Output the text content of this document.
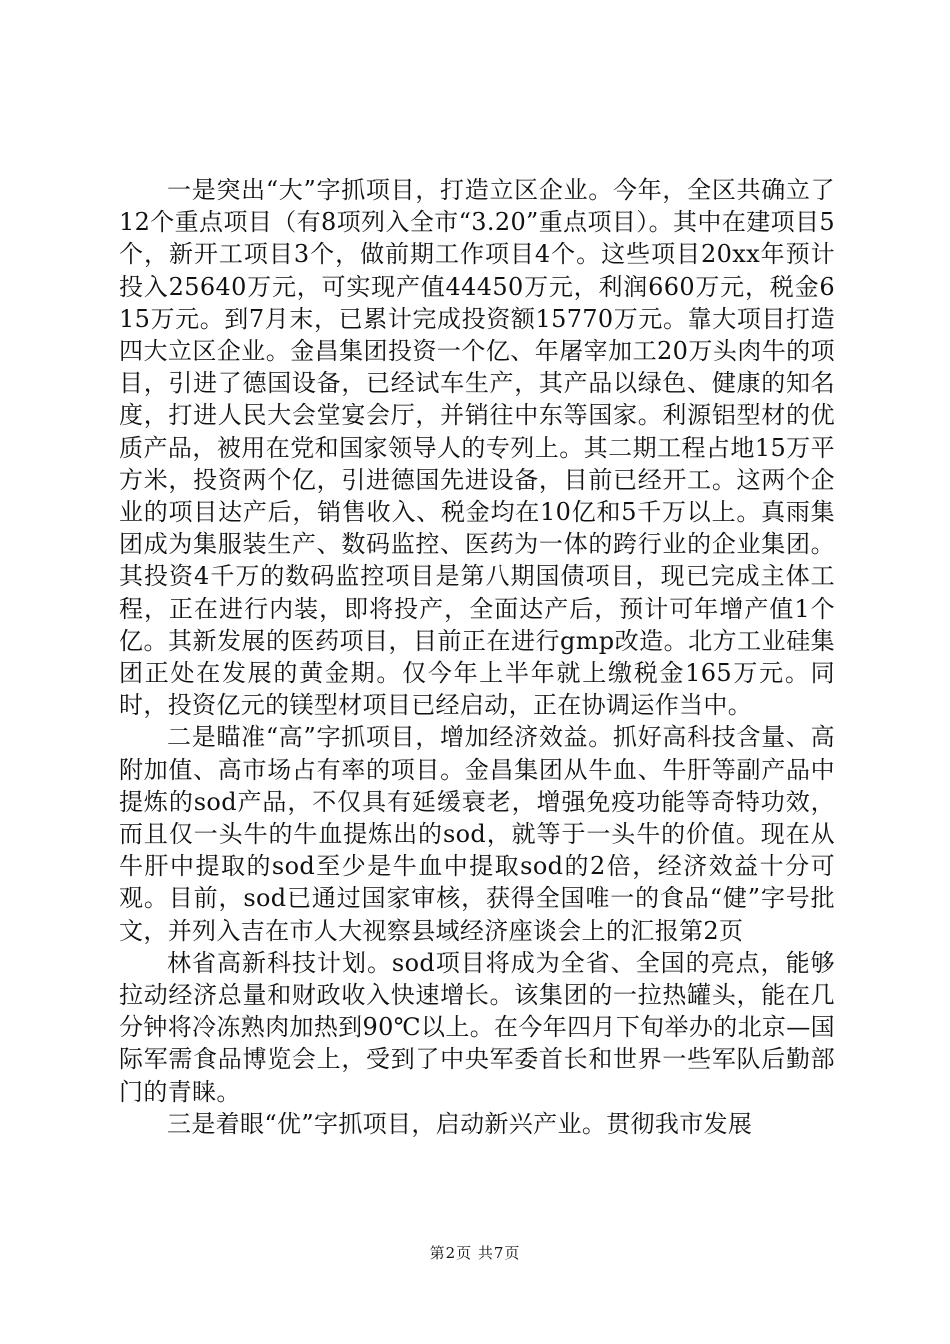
一是突出“大”字抓项目，打造立区企业。今年，全区共确立了12个重点项目（有8项列入全市“3.20”重点项目）。其中在建项目5个，新开工项目3个，做前期工作项目4个。这些项目20xx年预计投入25640万元，可实现产值44450万元，利润660万元，税金615万元。到7月末，已累计完成投资额15770万元。靠大项目打造四大立区企业。金昌集团投资一个亿、年屠宰加工20万头肉牛的项目，引进了德国设备，已经试车生产，其产品以绿色、健康的知名度，打进人民大会堂宴会厅，并销往中东等国家。利源铝型材的优质产品，被用在党和国家领导人的专列上。其二期工程占地15万平方米，投资两个亿，引进德国先进设备，目前已经开工。这两个企业的项目达产后，销售收入、税金均在10亿和5千万以上。真雨集团成为集服装生产、数码监控、医药为一体的跨行业的企业集团。其投资4千万的数码监控项目是第八期国债项目，现已完成主体工程，正在进行内装，即将投产，全面达产后，预计可年增产值1个亿。其新发展的医药项目，目前正在进行gmp改造。北方工业硅集团正处在发展的黄金期。仅今年上半年就上缴税金165万元。同时，投资亿元的镁型材项目已经启动，正在协调运作当中。

二是瞄准“高”字抓项目，增加经济效益。抓好高科技含量、高附加值、高市场占有率的项目。金昌集团从牛血、牛肝等副产品中提炼的sod产品，不仅具有延缓衰老，增强免疫功能等奇特功效，而且仅一头牛的牛血提炼出的sod，就等于一头牛的价值。现在从牛肝中提取的sod至少是牛血中提取sod的2倍，经济效益十分可观。目前，sod已通过国家审核，获得全国唯一的食品“健”字号批文，并列入吉在市人大视察县域经济座谈会上的汇报第2页

林省高新科技计划。sod项目将成为全省、全国的亮点，能够拉动经济总量和财政收入快速增长。该集团的一拉热罐头，能在几分钟将冷冻熟肉加热到90℃以上。在今年四月下旬举办的北京—国际军需食品博览会上，受到了中央军委首长和世界一些军队后勤部门的青睐。

三是着眼“优”字抓项目，启动新兴产业。贯彻我市发展

第2页 共7页
